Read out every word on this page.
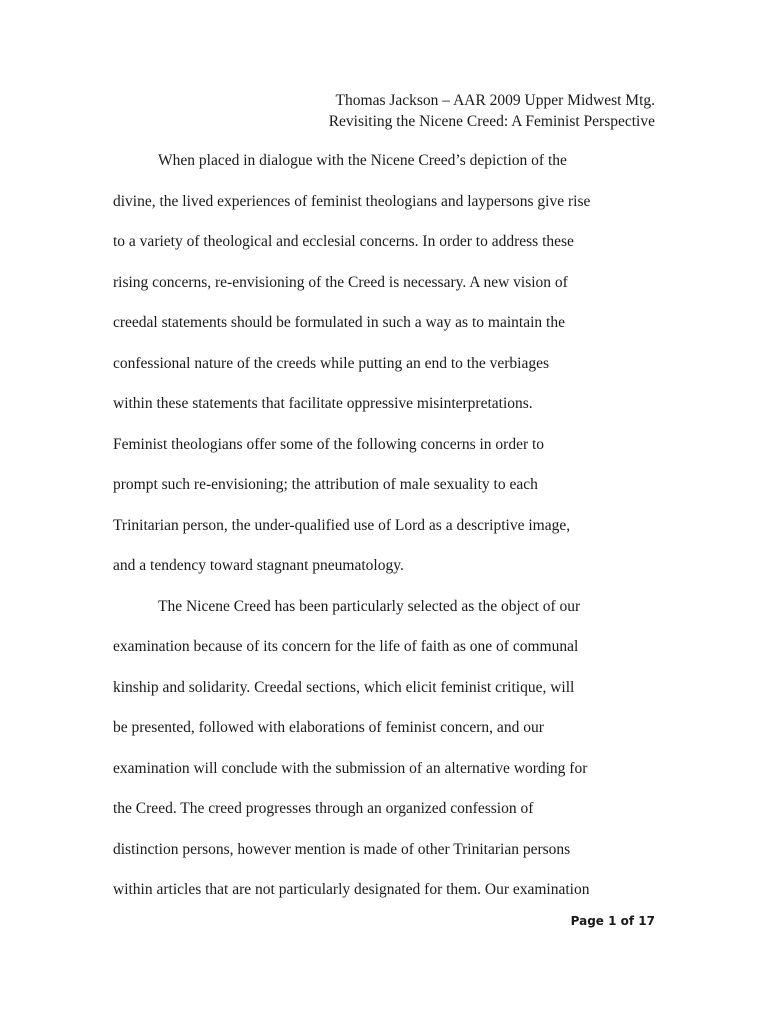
Thomas Jackson – AAR 2009 Upper Midwest Mtg.
Revisiting the Nicene Creed: A Feminist Perspective
When placed in dialogue with the Nicene Creed’s depiction of the
divine, the lived experiences of feminist theologians and laypersons give rise
to a variety of theological and ecclesial concerns. In order to address these
rising concerns, re-envisioning of the Creed is necessary. A new vision of
creedal statements should be formulated in such a way as to maintain the
confessional nature of the creeds while putting an end to the verbiages
within these statements that facilitate oppressive misinterpretations.
Feminist theologians offer some of the following concerns in order to
prompt such re-envisioning; the attribution of male sexuality to each
Trinitarian person, the under-qualified use of Lord as a descriptive image,
and a tendency toward stagnant pneumatology.
The Nicene Creed has been particularly selected as the object of our
examination because of its concern for the life of faith as one of communal
kinship and solidarity. Creedal sections, which elicit feminist critique, will
be presented, followed with elaborations of feminist concern, and our
examination will conclude with the submission of an alternative wording for
the Creed. The creed progresses through an organized confession of
distinction persons, however mention is made of other Trinitarian persons
within articles that are not particularly designated for them. Our examination
Page 1 of 17
